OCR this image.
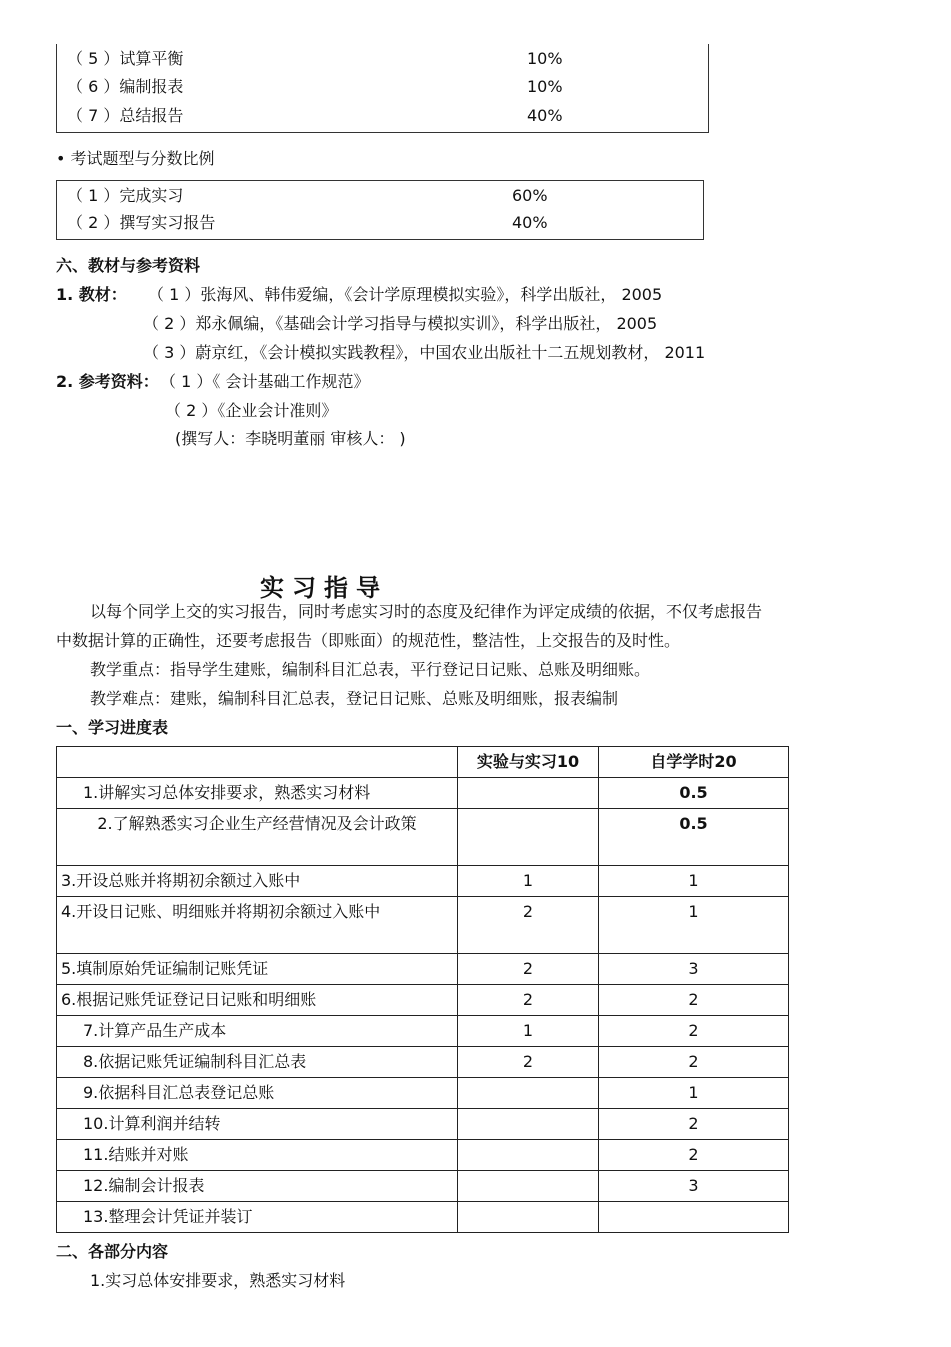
（ 5 ）试算平衡	10%
（ 6 ）编制报表	10%
（ 7 ）总结报告	40%
• 考试题型与分数比例
（ 1 ）完成实习	60%
（ 2 ）撰写实习报告	40%
六、教材与参考资料
1. 教材： （ 1 ）张海风、韩伟爱编，《会计学原理模拟实验》，科学出版社， 2005
（ 2 ）郑永佩编，《基础会计学习指导与模拟实训》，科学出版社， 2005
（ 3 ）蔚京红，《会计模拟实践教程》，中国农业出版社十二五规划教材， 2011
2. 参考资料： （ 1 ）《 会计基础工作规范》
（ 2 ）《企业会计准则》
(撰写人：李晓明董丽 审核人： )
实习指导
以每个同学上交的实习报告，同时考虑实习时的态度及纪律作为评定成绩的依据，不仅考虑报告
中数据计算的正确性，还要考虑报告（即账面）的规范性，整洁性，上交报告的及时性。
教学重点：指导学生建账，编制科目汇总表，平行登记日记账、总账及明细账。
教学难点：建账，编制科目汇总表，登记日记账、总账及明细账，报表编制
一、学习进度表
	实验与实习10	自学学时20
1.讲解实习总体安排要求，熟悉实习材料		0.5
2.了解熟悉实习企业生产经营情况及会计政策		0.5
3.开设总账并将期初余额过入账中	1	1
4.开设日记账、明细账并将期初余额过入账中	2	1
5.填制原始凭证编制记账凭证	2	3
6.根据记账凭证登记日记账和明细账	2	2
7.计算产品生产成本	1	2
8.依据记账凭证编制科目汇总表	2	2
9.依据科目汇总表登记总账		1
10.计算利润并结转		2
11.结账并对账		2
12.编制会计报表		3
13.整理会计凭证并装订		
二、各部分内容
1.实习总体安排要求，熟悉实习材料
